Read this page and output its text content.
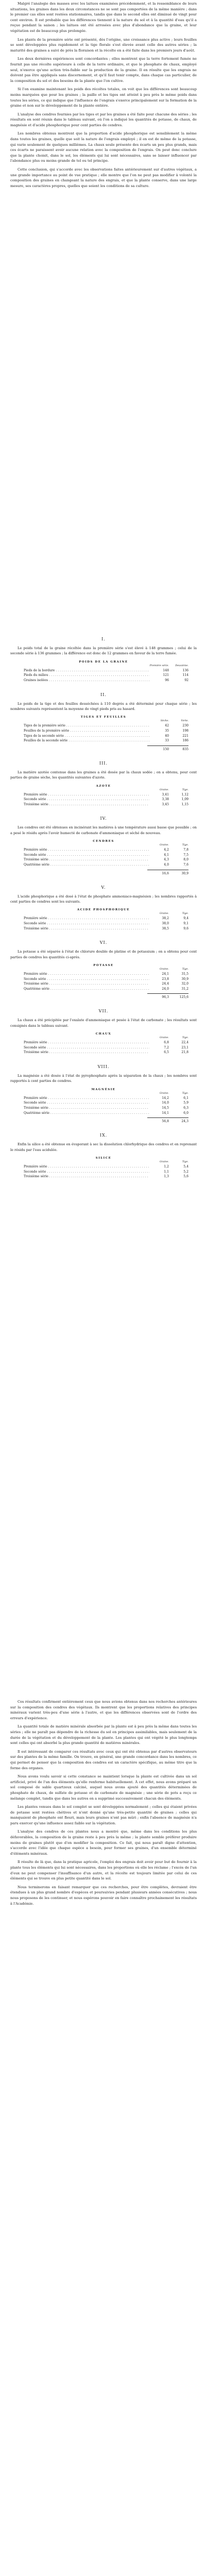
Malgré l'analogie des masses avec les laitues examinées précédemment, et la ressemblance de leurs situations, les graines dans les deux circonstances ne se sont pas comportées de la même manière ; dans le premier cas elles sont restées stationnaires, tandis que dans le second elles ont diminué de vingt pour cent environ. Il est probable que les différences tiennent à la nature du sol et à la quantité d'eau qu'il a reçue pendant la saison ; les laitues ont été arrosées avec plus d'abondance que la graine, et leur végétation est de beaucoup plus prolongée.

Les plants de la première série ont présenté, dès l'origine, une croissance plus active ; leurs feuilles se sont développées plus rapidement et la tige florale s'est élevée avant celle des autres séries ; la maturité des graines a suivi de près la floraison et la récolte en a été faite dans les premiers jours d'août.

Les deux dernières expériences sont concordantes ; elles montrent que la terre fortement fumée ne fournit pas une récolte supérieure à celle de la terre ordinaire, et que le phosphate de chaux, employé seul, n'exerce qu'une action très-faible sur la production de la graine. Il en résulte que les engrais ne doivent pas être appliqués sans discernement, et qu'il faut tenir compte, dans chaque cas particulier, de la composition du sol et des besoins de la plante que l'on cultive.

Si l'on examine maintenant les poids des récoltes totales, on voit que les différences sont beaucoup moins marquées que pour les graines ; la paille et les tiges ont atteint à peu près le même poids dans toutes les séries, ce qui indique que l'influence de l'engrais s'exerce principalement sur la formation de la graine et non sur le développement de la plante entière.

L'analyse des cendres fournies par les tiges et par les graines a été faite pour chacune des séries ; les résultats en sont réunis dans le tableau suivant, où l'on a indiqué les quantités de potasse, de chaux, de magnésie et d'acide phosphorique pour cent parties de cendres.

Les nombres obtenus montrent que la proportion d'acide phosphorique est sensiblement la même dans toutes les graines, quelle que soit la nature de l'engrais employé ; il en est de même de la potasse, qui varie seulement de quelques millièmes. La chaux seule présente des écarts un peu plus grands, mais ces écarts ne paraissent avoir aucune relation avec la composition de l'engrais. On peut donc conclure que la plante choisit, dans le sol, les éléments qui lui sont nécessaires, sans se laisser influencer par l'abondance plus ou moins grande de tel ou tel principe.

Cette conclusion, qui s'accorde avec les observations faites antérieurement sur d'autres végétaux, a une grande importance au point de vue pratique ; elle montre que l'on ne peut pas modifier à volonté la composition des graines en changeant la nature des engrais, et que la plante conserve, dans une large mesure, ses caractères propres, quelles que soient les conditions de sa culture.

I.

Le poids total de la graine récoltée dans la première série s'est élevé à 148 grammes ; celui de la seconde série à 136 grammes ; la différence est donc de 12 grammes en faveur de la terre fumée.

POIDS DE LA GRAINE
Première série.	Deuxième.
Pieds de la bordure . . .	148	136
Pieds du milieu . . .	121	114
Graines isolées . . .	96	92
II.

Le poids de la tige et des feuilles desséchées à 110 degrés a été déterminé pour chaque série ; les nombres suivants représentent la moyenne de vingt pieds pris au hasard.

TIGES ET FEUILLES
Sèche.	Verte.
Tiges de la première série . . .	42	230
Feuilles de la première série . . .	35	198
Tiges de la seconde série . . .	40	221
Feuilles de la seconde série . . .	33	186
150	835
III.

La matière azotée contenue dans les graines a été dosée par la chaux sodée ; on a obtenu, pour cent parties de graine sèche, les quantités suivantes d'azote.

AZOTE
Graine.	Tige.
Première série . . .	3,41	1,12
Seconde série . . .	3,38	1,09
Troisième série . . .	3,45	1,15
IV.

Les cendres ont été obtenues en incinérant les matières à une température aussi basse que possible ; on a pesé le résidu après l'avoir humecté de carbonate d'ammoniaque et séché de nouveau.

CENDRES
Graine.	Tige.
Première série . . .	4,2	7,8
Seconde série . . .	4,1	7,5
Troisième série . . .	4,3	8,0
Quatrième série . . .	4,0	7,6
16,6	30,9
V.

L'acide phosphorique a été dosé à l'état de phosphate ammoniaco-magnésien ; les nombres rapportés à cent parties de cendres sont les suivants.

ACIDE PHOSPHORIQUE
Graine.	Tige.
Première série . . .	38,2	9,4
Seconde série . . .	38,0	9,1
Troisième série . . .	38,5	9,6
VI.

La potasse a été séparée à l'état de chlorure double de platine et de potassium ; on a obtenu pour cent parties de cendres les quantités ci-après.

POTASSE
Graine.	Tige.
Première série . . .	24,1	31,5
Seconde série . . .	23,8	30,9
Troisième série . . .	24,4	32,0
Quatrième série . . .	24,0	31,2
96,3	125,6
VII.

La chaux a été précipitée par l'oxalate d'ammoniaque et pesée à l'état de carbonate ; les résultats sont consignés dans le tableau suivant.

CHAUX
Graine.	Tige.
Première série . . .	6,8	22,4
Seconde série . . .	7,2	23,1
Troisième série . . .	6,5	21,8
VIII.

La magnésie a été dosée à l'état de pyrophosphate après la séparation de la chaux ; les nombres sont rapportés à cent parties de cendres.

MAGNÉSIE
Graine.	Tige.
Première série . . .	14,2	6,1
Seconde série . . .	14,0	5,9
Troisième série . . .	14,5	6,3
Quatrième série . . .	14,1	6,0
56,8	24,3
IX.

Enfin la silice a été obtenue en évaporant à sec la dissolution chlorhydrique des cendres et en reprenant le résidu par l'eau acidulée.

SILICE
Graine.	Tige.
Première série . . .	1,2	5,4
Seconde série . . .	1,1	5,2
Troisième série . . .	1,3	5,6

Ces résultats confirment entièrement ceux que nous avions obtenus dans nos recherches antérieures sur la composition des cendres des végétaux. Ils montrent que les proportions relatives des principes minéraux varient très-peu d'une série à l'autre, et que les différences observées sont de l'ordre des erreurs d'expérience.

La quantité totale de matière minérale absorbée par la plante est à peu près la même dans toutes les séries ; elle ne paraît pas dépendre de la richesse du sol en principes assimilables, mais seulement de la durée de la végétation et du développement de la plante. Les plantes qui ont végété le plus longtemps sont celles qui ont absorbé la plus grande quantité de matières minérales.

Il est intéressant de comparer ces résultats avec ceux qui ont été obtenus par d'autres observateurs sur des plantes de la même famille. On trouve, en général, une grande concordance dans les nombres, ce qui permet de penser que la composition des cendres est un caractère spécifique, au même titre que la forme des organes.

Nous avons voulu savoir si cette constance se maintient lorsque la plante est cultivée dans un sol artificiel, privé de l'un des éléments qu'elle renferme habituellement. À cet effet, nous avons préparé un sol composé de sable quartzeux calciné, auquel nous avons ajouté des quantités déterminées de phosphate de chaux, de sulfate de potasse et de carbonate de magnésie ; une série de pots a reçu ce mélange complet, tandis que dans les autres on a supprimé successivement chacun des éléments.

Les plantes venues dans le sol complet se sont développées normalement ; celles qui étaient privées de potasse sont restées chétives et n'ont donné qu'une très-petite quantité de graines ; celles qui manquaient de phosphate ont fleuri, mais leurs graines n'ont pas mûri ; enfin l'absence de magnésie n'a paru exercer qu'une influence assez faible sur la végétation.

L'analyse des cendres de ces plantes nous a montré que, même dans les conditions les plus défavorables, la composition de la graine reste à peu près la même ; la plante semble préférer produire moins de graines plutôt que d'en modifier la composition. Ce fait, qui nous paraît digne d'attention, s'accorde avec l'idée que chaque espèce a besoin, pour former ses graines, d'un ensemble déterminé d'éléments minéraux.

Il résulte de là que, dans la pratique agricole, l'emploi des engrais doit avoir pour but de fournir à la plante tous les éléments qui lui sont nécessaires, dans les proportions où elle les réclame ; l'excès de l'un d'eux ne peut compenser l'insuffisance d'un autre, et la récolte est toujours limitée par celui de ces éléments qui se trouve en plus petite quantité dans le sol.

Nous terminerons en faisant remarquer que ces recherches, pour être complètes, devraient être étendues à un plus grand nombre d'espèces et poursuivies pendant plusieurs années consécutives ; nous nous proposons de les continuer, et nous espérons pouvoir en faire connaître prochainement les résultats à l'Académie.
